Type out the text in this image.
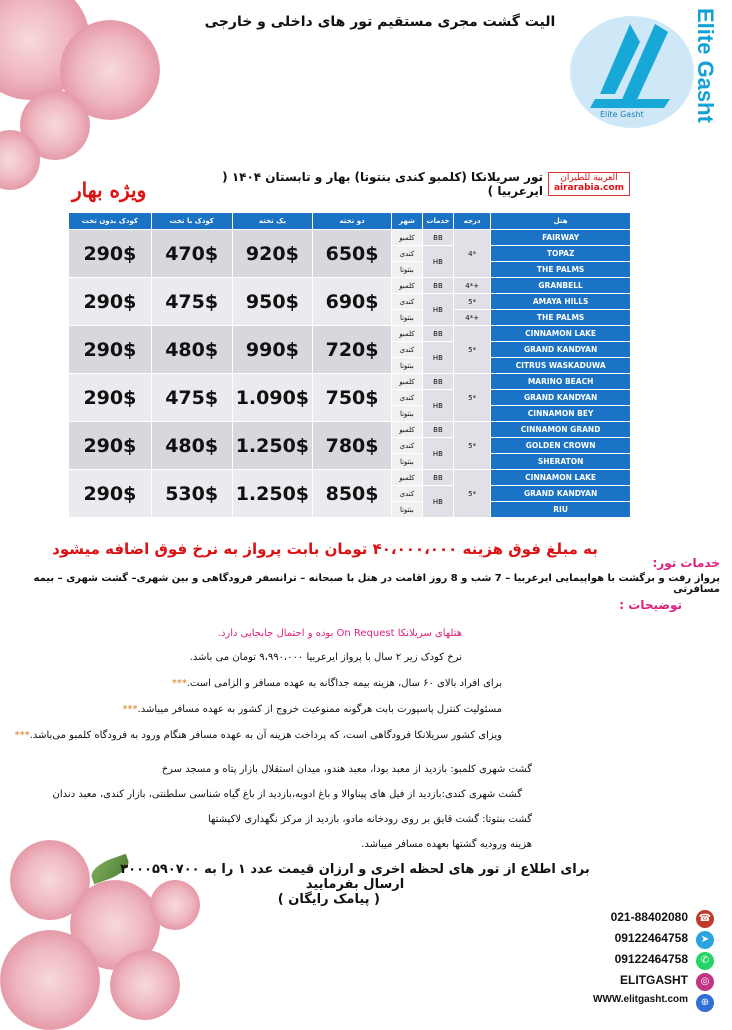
الیت گشت مجری مستقیم تور های داخلی و خارجی
Elite Gasht	Elite Gasht
العربية للطيران
airarabia.com
تور سریلانکا (کلمبو کندی بنتوتا) بهار و تابستان ۱۴۰۴ ( ایرعربیا )
ویژه بهار
کودک بدون تخت	کودک با تخت	یک تخته	دو تخته	شهر	خدمات	درجه	هتل
290$	470$	920$	650$	کلمبو	BB	4*	FAIRWAY
				کندی	HB		TOPAZ
				بنتوتا			THE PALMS
290$	475$	950$	690$	کلمبو	BB	4*+	GRANBELL
				کندی	HB	5*	AMAYA HILLS
				بنتوتا		4*+	THE PALMS
290$	480$	990$	720$	کلمبو	BB	5*	CINNAMON LAKE
				کندی	HB		GRAND KANDYAN
				بنتوتا			CITRUS WASKADUWA
290$	475$	1.090$	750$	کلمبو	BB	5*	MARINO BEACH
				کندی	HB		GRAND KANDYAN
				بنتوتا			CINNAMON BEY
290$	480$	1.250$	780$	کلمبو	BB	5*	CINNAMON GRAND
				کندی	HB		GOLDEN CROWN
				بنتوتا			SHERATON
290$	530$	1.250$	850$	کلمبو	BB	5*	CINNAMON LAKE
				کندی	HB		GRAND KANDYAN
				بنتوتا			RIU
به مبلغ فوق هزینه ۴۰،۰۰۰،۰۰۰ تومان بابت پرواز به نرخ فوق اضافه میشود
خدمات تور:
پرواز رفت و برگشت با هواپیمایی ایرعربیا – 7 شب و 8 روز اقامت در هتل با صبحانه – ترانسفر فرودگاهی و بین شهری– گشت شهری – بیمه مسافرتی
توضیحات :
هتلهای سریلانکا On Request بوده و احتمال جابجایی دارد.
نرخ کودک زیر ۲ سال با پرواز ایرعربیا ۹،۹۹۰،۰۰۰ تومان می باشد.
برای افراد بالای ۶۰ سال، هزینه بیمه جداگانه به عهده مسافر و الزامی است.***
مسئولیت کنترل پاسپورت بابت هرگونه ممنوعیت خروج از کشور به عهده مسافر میباشد.***
ویزای کشور سریلانکا فرودگاهی است، که پرداخت هزینه آن به عهده مسافر هنگام ورود به فرودگاه کلمبو می‌باشد.***
گشت شهری کلمبو: بازدید از معبد بودا، معبد هندو، میدان استقلال بازار پتاه و مسجد سرخ
گشت شهری کندی:بازدید از فیل های پیناوالا و باغ ادویه،بازدید از باغ گیاه شناسی سلطنتی، بازار کندی، معبد دندان
گشت بنتوتا: گشت قایق بر روی رودخانه مادو، بازدید از مرکز نگهداری لاکپشتها
هزینه ورودیه گشتها بعهده مسافر میباشد.
برای اطلاع از تور های لحظه اخری و ارزان قیمت عدد ۱ را به ۳۰۰۰۵۹۰۷۰۰ ارسال بفرمایید
( پیامک رایگان )
021-88402080 ☎
09122464758	➤
09122464758	✆
ELITGASHT	◎
WWW.elitgasht.com	⊕
